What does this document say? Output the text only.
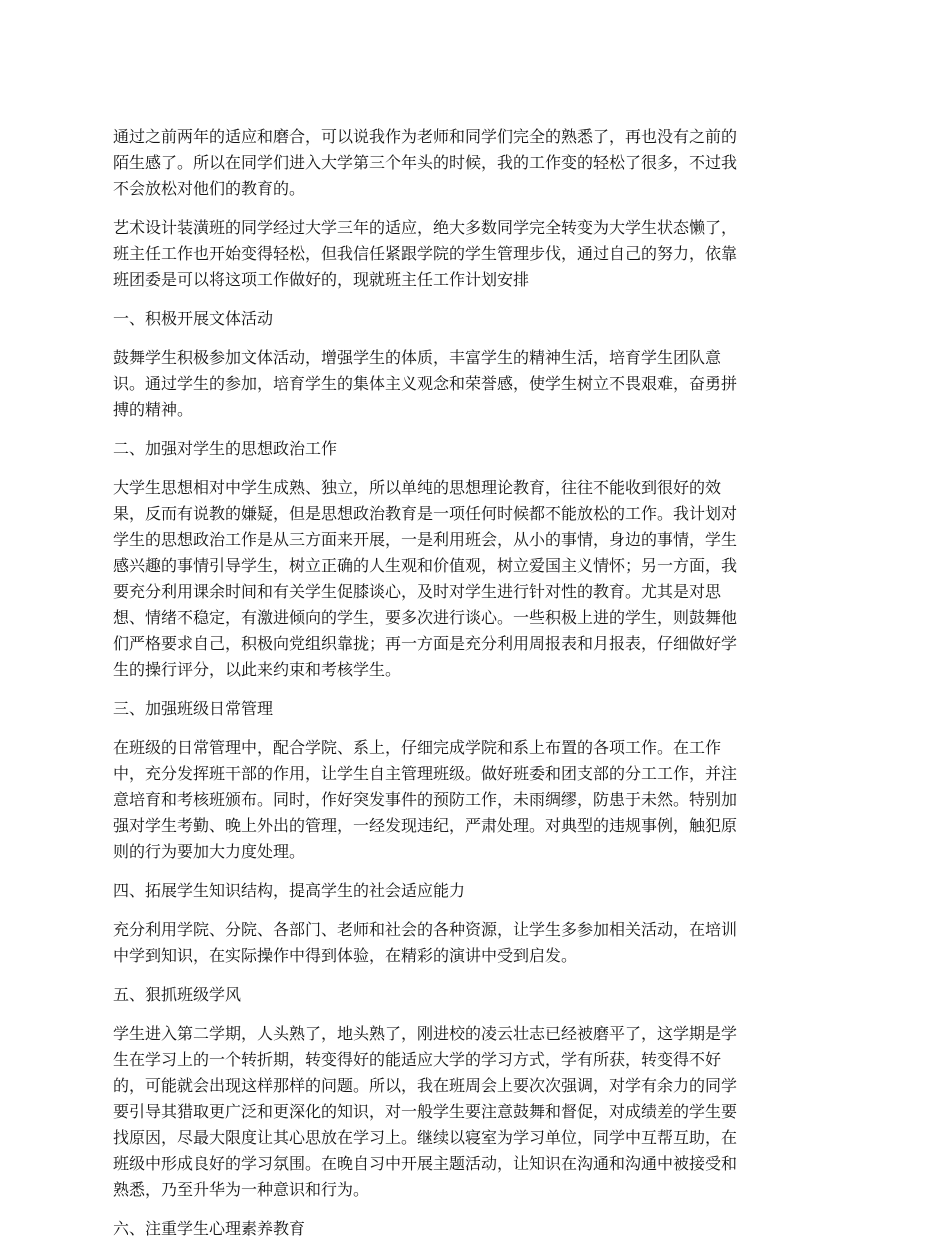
通过之前两年的适应和磨合，可以说我作为老师和同学们完全的熟悉了，再也没有之前的
陌生感了。所以在同学们进入大学第三个年头的时候，我的工作变的轻松了很多，不过我
不会放松对他们的教育的。

艺术设计装潢班的同学经过大学三年的适应，绝大多数同学完全转变为大学生状态懒了，
班主任工作也开始变得轻松，但我信任紧跟学院的学生管理步伐，通过自己的努力，依靠
班团委是可以将这项工作做好的，现就班主任工作计划安排

一、积极开展文体活动

鼓舞学生积极参加文体活动，增强学生的体质，丰富学生的精神生活，培育学生团队意
识。通过学生的参加，培育学生的集体主义观念和荣誉感，使学生树立不畏艰难，奋勇拼
搏的精神。

二、加强对学生的思想政治工作

大学生思想相对中学生成熟、独立，所以单纯的思想理论教育，往往不能收到很好的效
果，反而有说教的嫌疑，但是思想政治教育是一项任何时候都不能放松的工作。我计划对
学生的思想政治工作是从三方面来开展，一是利用班会，从小的事情，身边的事情，学生
感兴趣的事情引导学生，树立正确的人生观和价值观，树立爱国主义情怀；另一方面，我
要充分利用课余时间和有关学生促膝谈心，及时对学生进行针对性的教育。尤其是对思
想、情绪不稳定，有激进倾向的学生，要多次进行谈心。一些积极上进的学生，则鼓舞他
们严格要求自己，积极向党组织靠拢；再一方面是充分利用周报表和月报表，仔细做好学
生的操行评分，以此来约束和考核学生。

三、加强班级日常管理

在班级的日常管理中，配合学院、系上，仔细完成学院和系上布置的各项工作。在工作
中，充分发挥班干部的作用，让学生自主管理班级。做好班委和团支部的分工工作，并注
意培育和考核班颁布。同时，作好突发事件的预防工作，未雨绸缪，防患于未然。特别加
强对学生考勤、晚上外出的管理，一经发现违纪，严肃处理。对典型的违规事例，触犯原
则的行为要加大力度处理。

四、拓展学生知识结构，提高学生的社会适应能力

充分利用学院、分院、各部门、老师和社会的各种资源，让学生多参加相关活动，在培训
中学到知识，在实际操作中得到体验，在精彩的演讲中受到启发。

五、狠抓班级学风

学生进入第二学期，人头熟了，地头熟了，刚进校的凌云壮志已经被磨平了，这学期是学
生在学习上的一个转折期，转变得好的能适应大学的学习方式，学有所获，转变得不好
的，可能就会出现这样那样的问题。所以，我在班周会上要次次强调，对学有余力的同学
要引导其猎取更广泛和更深化的知识，对一般学生要注意鼓舞和督促，对成绩差的学生要
找原因，尽最大限度让其心思放在学习上。继续以寝室为学习单位，同学中互帮互助，在
班级中形成良好的学习氛围。在晚自习中开展主题活动，让知识在沟通和沟通中被接受和
熟悉，乃至升华为一种意识和行为。

六、注重学生心理素养教育
